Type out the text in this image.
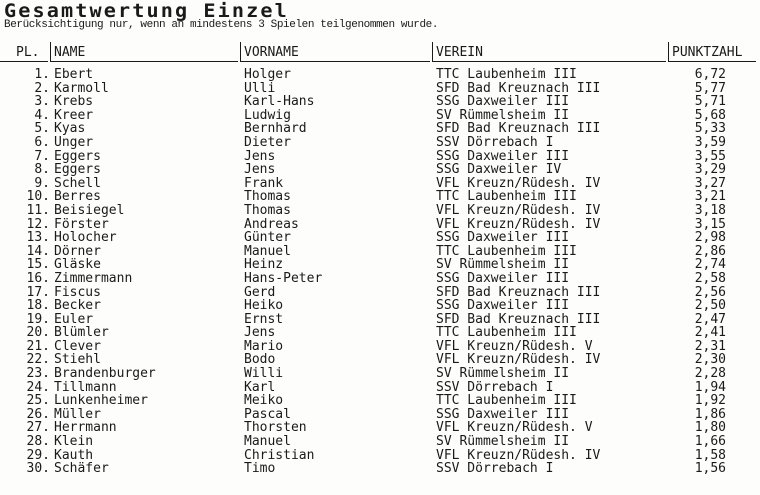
Gesamtwertung Einzel
Berücksichtigung nur, wenn an mindestens 3 Spielen teilgenommen wurde.
PL. NAME	VORNAME	VEREIN	PUNKTZAHL
1. Ebert	Holger	TTC Laubenheim III	6,72
2. Karmoll	Ulli	SFD Bad Kreuznach III	5,77
3. Krebs	Karl-Hans	SSG Daxweiler III	5,71
4. Kreer	Ludwig	SV Rümmelsheim II	5,68
5. Kyas	Bernhard	SFD Bad Kreuznach III	5,33
6. Unger	Dieter	SSV Dörrebach I	3,59
7. Eggers	Jens	SSG Daxweiler III	3,55
8. Eggers	Jens	SSG Daxweiler IV	3,29
9. Schell	Frank	VFL Kreuzn/Rüdesh. IV	3,27
10. Berres	Thomas	TTC Laubenheim III	3,21
11. Beisiegel	Thomas	VFL Kreuzn/Rüdesh. IV	3,18
12. Förster	Andreas	VFL Kreuzn/Rüdesh. IV	3,15
13. Holocher	Günter	SSG Daxweiler III	2,98
14. Dörner	Manuel	TTC Laubenheim III	2,86
15. Gläske	Heinz	SV Rümmelsheim II	2,74
16. Zimmermann	Hans-Peter	SSG Daxweiler III	2,58
17. Fiscus	Gerd	SFD Bad Kreuznach III	2,56
18. Becker	Heiko	SSG Daxweiler III	2,50
19. Euler	Ernst	SFD Bad Kreuznach III	2,47
20. Blümler	Jens	TTC Laubenheim III	2,41
21. Clever	Mario	VFL Kreuzn/Rüdesh. V	2,31
22. Stiehl	Bodo	VFL Kreuzn/Rüdesh. IV	2,30
23. Brandenburger	Willi	SV Rümmelsheim II	2,28
24. Tillmann	Karl	SSV Dörrebach I	1,94
25. Lunkenheimer	Meiko	TTC Laubenheim III	1,92
26. Müller	Pascal	SSG Daxweiler III	1,86
27. Herrmann	Thorsten	VFL Kreuzn/Rüdesh. V	1,80
28. Klein	Manuel	SV Rümmelsheim II	1,66
29. Kauth	Christian	VFL Kreuzn/Rüdesh. IV	1,58
30. Schäfer	Timo	SSV Dörrebach I	1,56
